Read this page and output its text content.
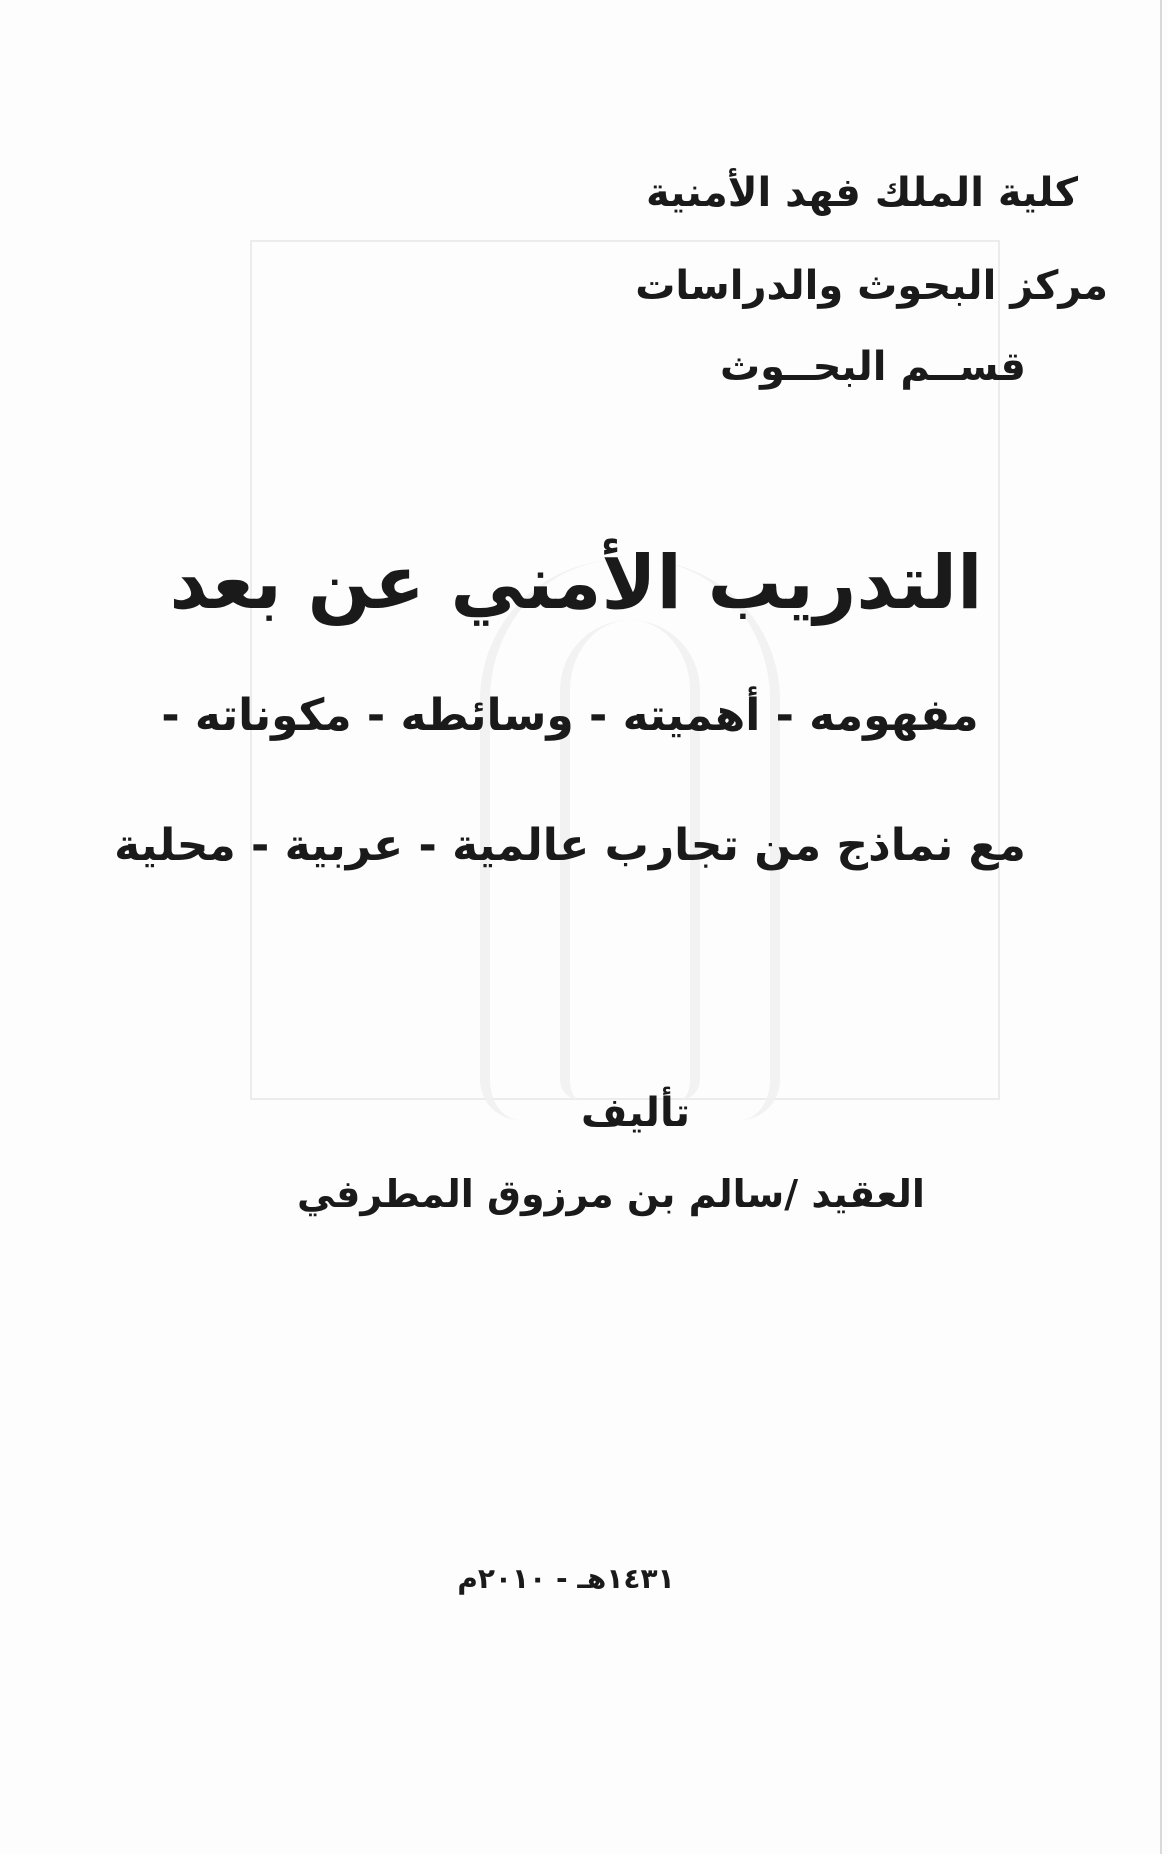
كلية الملك فهد الأمنية
مركز البحوث والدراسات
قســم البحــوث
التدريب الأمني عن بعد
مفهومه - أهميته - وسائطه - مكوناته -
مع نماذج من تجارب عالمية - عربية - محلية
تأليف
العقيد /سالم بن مرزوق المطرفي
١٤٣١هـ - ٢٠١٠م
